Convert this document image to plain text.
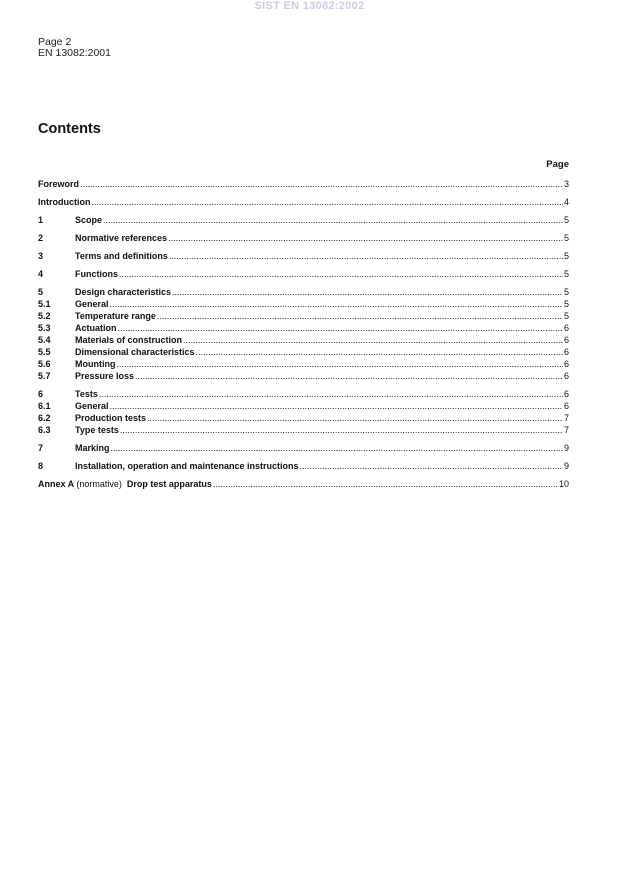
SIST EN 13082:2002
Page 2
EN 13082:2001
Contents
Page
Foreword .....	3
Introduction .....	4
1	Scope .....	5
2	Normative references .....	5
3	Terms and definitions .....	5
4	Functions .....	5
5	Design characteristics .....	5
5.1	General .....	5
5.2	Temperature range .....	5
5.3	Actuation .....	6
5.4	Materials of construction .....	6
5.5	Dimensional characteristics .....	6
5.6	Mounting .....	6
5.7	Pressure loss .....	6
6	Tests .....	6
6.1	General .....	6
6.2	Production tests .....	7
6.3	Type tests .....	7
7	Marking .....	9
8	Installation, operation and maintenance instructions .....	9
Annex A (normative) Drop test apparatus .....	10
